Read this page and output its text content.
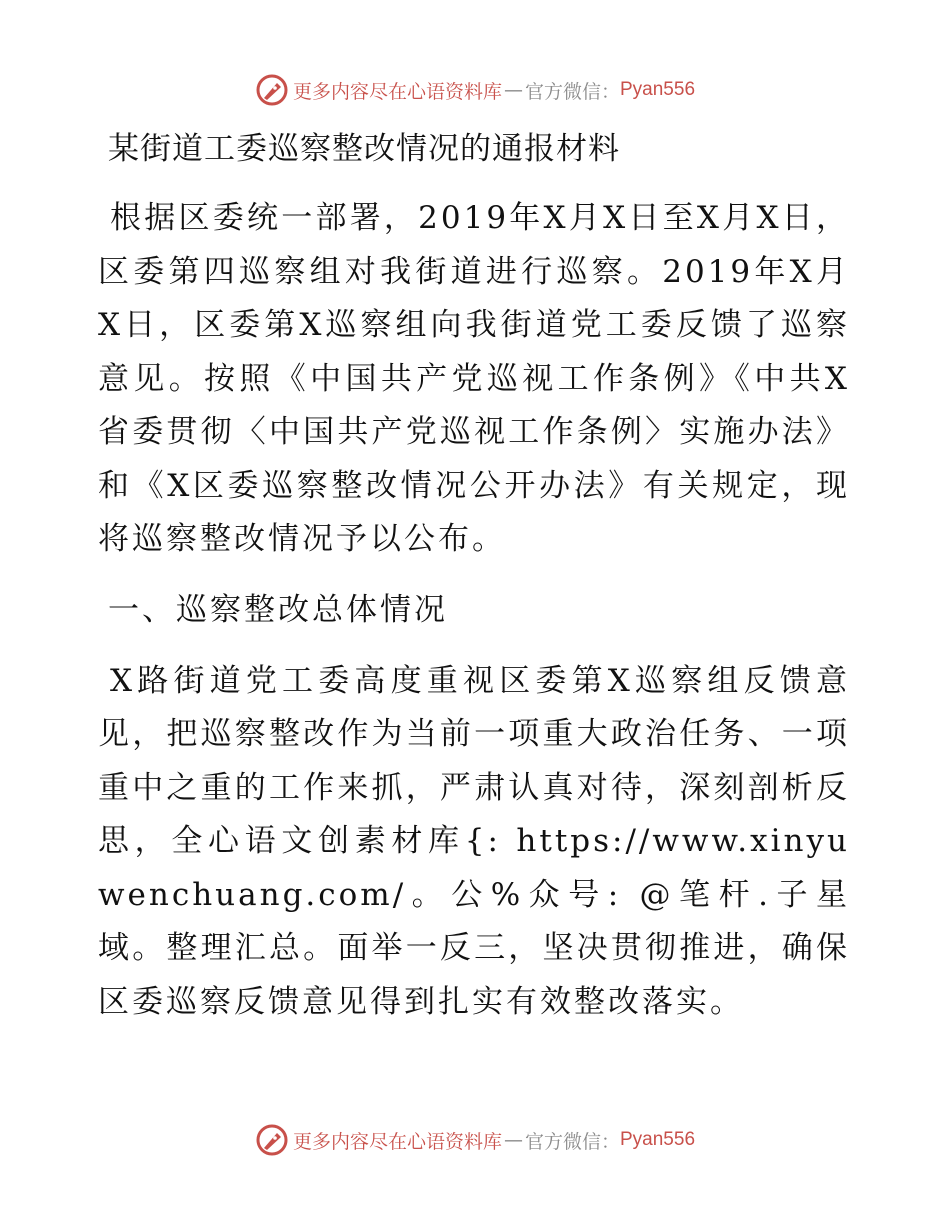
更多内容尽在心语资料库 — 官方微信： Pyan556
某街道工委巡察整改情况的通报材料

根据区委统一部署，2019年X月X日至X月X日，区委第四巡察组对我街道进行巡察。2019年X月X日，区委第X巡察组向我街道党工委反馈了巡察意见。按照《中国共产党巡视工作条例》《中共X省委贯彻〈中国共产党巡视工作条例〉实施办法》和《X区委巡察整改情况公开办法》有关规定，现将巡察整改情况予以公布。

一、巡察整改总体情况

X路街道党工委高度重视区委第X巡察组反馈意见，把巡察整改作为当前一项重大政治任务、一项重中之重的工作来抓，严肃认真对待，深刻剖析反思，全心语文创素材库{: https://www.xinyuwenchuang.com/。公%众号: @笔杆.子星域。整理汇总。面举一反三，坚决贯彻推进，确保区委巡察反馈意见得到扎实有效整改落实。

更多内容尽在心语资料库 — 官方微信： Pyan556
